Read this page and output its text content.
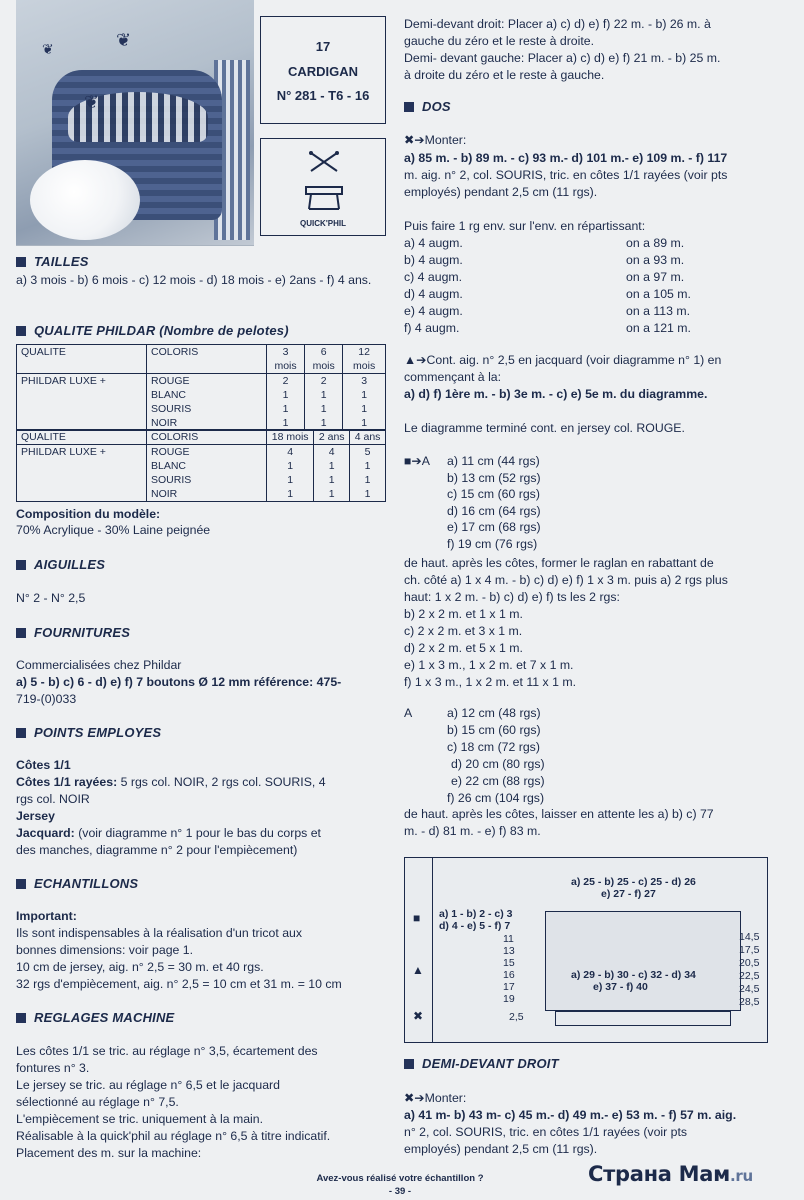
❦
❦
❦	17
CARDIGAN
N° 281 - T6 - 16
QUICK'PHIL
TAILLES
a) 3 mois - b) 6 mois - c) 12 mois - d) 18 mois - e) 2ans - f) 4 ans.
QUALITE PHILDAR (Nombre de pelotes)
QUALITE	COLORIS	3 mois	6 mois	12 mois
PHILDAR LUXE +	ROUGE	2	2	3
	BLANC	1	1	1
	SOURIS	1	1	1
	NOIR	1	1	1
QUALITE	COLORIS	18 mois	2 ans	4 ans
PHILDAR LUXE +	ROUGE	4	4	5
	BLANC	1	1	1
	SOURIS	1	1	1
	NOIR	1	1	1
Composition du modèle:
70% Acrylique - 30% Laine peignée
AIGUILLES
N° 2 - N° 2,5
FOURNITURES
Commercialisées chez Phildar
a) 5 - b) c) 6 - d) e) f) 7 boutons Ø 12 mm référence: 475-
719-(0)033
POINTS EMPLOYES
Côtes 1/1
Côtes 1/1 rayées: 5 rgs col. NOIR, 2 rgs col. SOURIS, 4
rgs col. NOIR
Jersey
Jacquard: (voir diagramme n° 1 pour le bas du corps et
des manches, diagramme n° 2 pour l'empiècement)
ECHANTILLONS
Important:
Ils sont indispensables à la réalisation d'un tricot aux
bonnes dimensions: voir page 1.
10 cm de jersey, aig. n° 2,5 = 30 m. et 40 rgs.
32 rgs d'empiècement, aig. n° 2,5 = 10 cm et 31 m. = 10 cm
REGLAGES MACHINE
Les côtes 1/1 se tric. au réglage n° 3,5, écartement des
fontures n° 3.
Le jersey se tric. au réglage n° 6,5 et le jacquard
sélectionné au réglage n° 7,5.
L'empiècement se tric. uniquement à la main.
Réalisable à la quick'phil au réglage n° 6,5 à titre indicatif.
Placement des m. sur la machine:
Demi-devant droit: Placer a) c) d) e) f) 22 m. - b) 26 m. à
gauche du zéro et le reste à droite.
Demi- devant gauche: Placer a) c) d) e) f) 21 m. - b) 25 m.
à droite du zéro et le reste à gauche.
DOS
✖➔Monter:
a) 85 m. - b) 89 m. - c) 93 m.- d) 101 m.- e) 109 m. - f) 117
m. aig. n° 2, col. SOURIS, tric. en côtes 1/1 rayées (voir pts
employés) pendant 2,5 cm (11 rgs).
Puis faire 1 rg env. sur l'env. en répartissant:
▲➔Cont. aig. n° 2,5 en jacquard (voir diagramme n° 1) en
commençant à la:
a) d) f) 1ère m. - b) 3e m. - c) e) 5e m. du diagramme.
Le diagramme terminé cont. en jersey col. ROUGE.
■➔A
de haut. après les côtes, former le raglan en rabattant de
ch. côté a) 1 x 4 m. - b) c) d) e) f) 1 x 3 m. puis a) 2 rgs plus
haut: 1 x 2 m. - b) c) d) e) f) ts les 2 rgs:
A
de haut. après les côtes, laisser en attente les a) b) c) 77
m. - d) 81 m. - e) f) 83 m.
■
▲
✖
a) 25 - b) 25 - c) 25 - d) 26
e) 27 - f) 27
a) 1 - b) 2 - c) 3
d) 4 - e) 5 - f) 7
a) 29 - b) 30 - c) 32 - d) 34
e) 37 - f) 40
2,5
11
13
15
16
17
19
14,5
17,5
20,5
22,5
24,5
28,5
DEMI-DEVANT DROIT
✖➔Monter:
a) 41 m- b) 43 m- c) 45 m.- d) 49 m.- e) 53 m. - f) 57 m. aig.
n° 2, col. SOURIS, tric. en côtes 1/1 rayées (voir pts
employés) pendant 2,5 cm (11 rgs).
Avez-vous réalisé votre échantillon ?
- 39 -
Страна Мам.ru
a) 4 augm.	on a 89 m.
b) 4 augm.	on a 93 m.
c) 4 augm.	on a 97 m.
d) 4 augm.	on a 105 m.
e) 4 augm.	on a 113 m.
f) 4 augm.	on a 121 m.
a) 11 cm (44 rgs)
b) 13 cm (52 rgs)
c) 15 cm (60 rgs)
d) 16 cm (64 rgs)
e) 17 cm (68 rgs)
f) 19 cm (76 rgs)
b) 2 x 2 m. et 1 x 1 m.
c) 2 x 2 m. et 3 x 1 m.
d) 2 x 2 m. et 5 x 1 m.
e) 1 x 3 m., 1 x 2 m. et 7 x 1 m.
f) 1 x 3 m., 1 x 2 m. et 11 x 1 m.
a) 12 cm (48 rgs)
b) 15 cm (60 rgs)
c) 18 cm (72 rgs)
d) 20 cm (80 rgs)
e) 22 cm (88 rgs)
f) 26 cm (104 rgs)
